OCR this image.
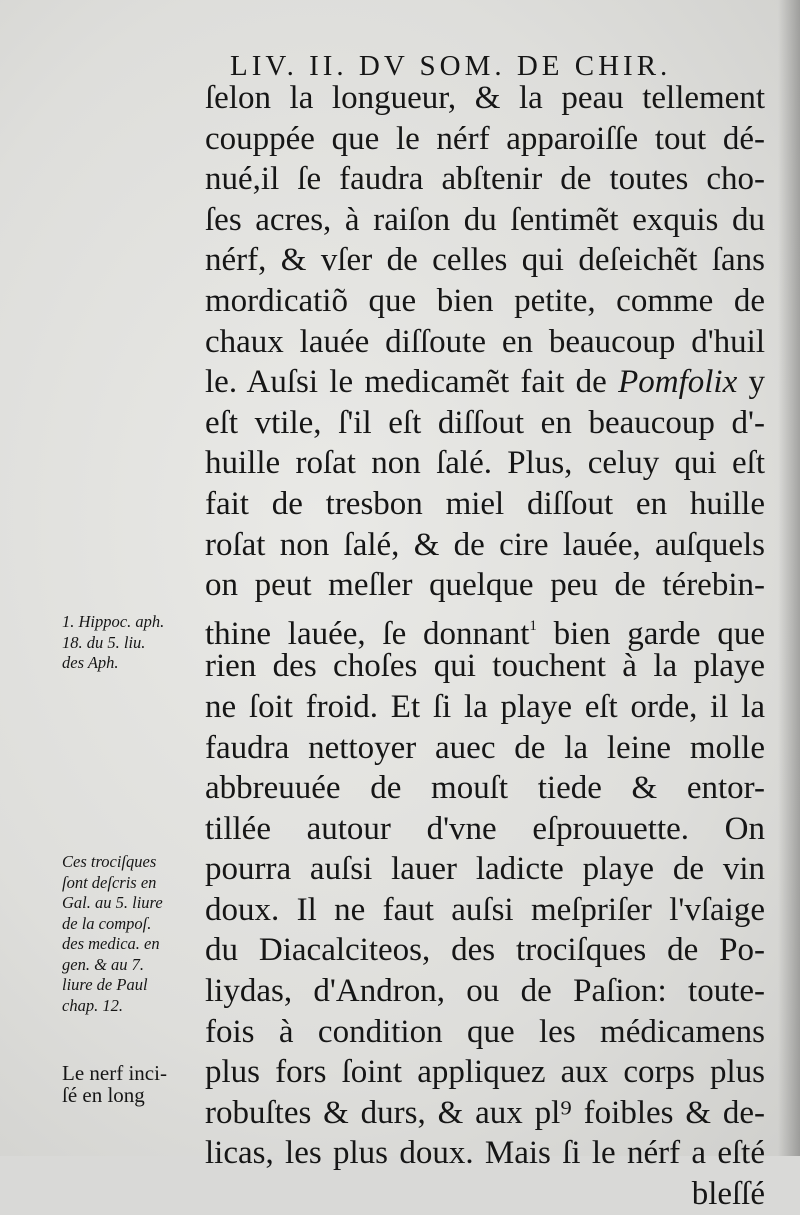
LIV. II. DV SOM. DE CHIR.
ſelon la longueur, & la peau tellement
couppée que le nérf apparoiſſe tout dé-
nué,il ſe faudra abſtenir de toutes cho-
ſes acres, à raiſon du ſentimẽt exquis du
nérf, & vſer de celles qui deſeichẽt ſans
mordicatiõ que bien petite, comme de
chaux lauée diſſoute en beaucoup d'huil
le. Auſsi le medicamẽt fait de Pomfolix y
eſt vtile, ſ'il eſt diſſout en beaucoup d'-
huille roſat non ſalé. Plus, celuy qui eſt
fait de tresbon miel diſſout en huille
roſat non ſalé, & de cire lauée, auſquels
on peut meſler quelque peu de térebin-
thine lauée, ſe donnant$^1$ bien garde que
rien des choſes qui touchent à la playe
ne ſoit froid. Et ſi la playe eſt orde, il la
faudra nettoyer auec de la leine molle
abbreuuée de mouſt tiede & entor-
tillée autour d'vne eſprouuette. On
pourra auſsi lauer ladicte playe de vin
doux. Il ne faut auſsi meſpriſer l'vſaige
du Diacalciteos, des trociſques de Po-
liydas, d'Andron, ou de Paſion: toute-
fois à condition que les médicamens
plus fors ſoint appliquez aux corps plus
robuſtes & durs, & aux pl⁹ foibles & de-
licas, les plus doux. Mais ſi le nérf a eſté
bleſſé
1. Hippoc. aph.
18. du 5. liu.
des Aph.
Ces trociſques
ſont deſcris en
Gal. au 5. liure
de la compoſ.
des medica. en
gen. & au 7.
liure de Paul
chap. 12.
Le nerf inci-
ſé en long
